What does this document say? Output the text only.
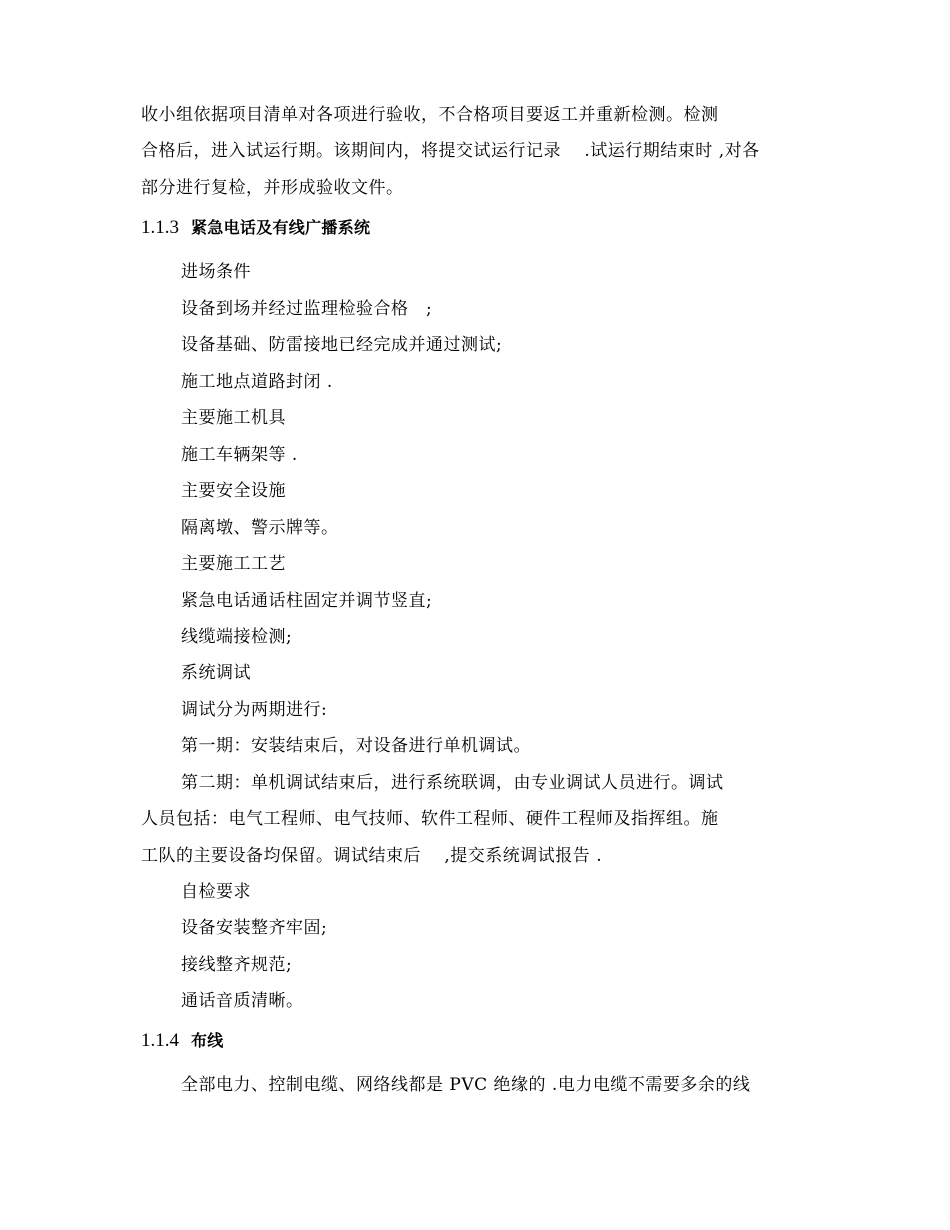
收小组依据项目清单对各项进行验收，不合格项目要返工并重新检测。检测
合格后，进入试运行期。该期间内，将提交试运行记录　 .试运行期结束时 ,对各
部分进行复检，并形成验收文件。
1.1.3 紧急电话及有线广播系统
进场条件
设备到场并经过监理检验合格　;
设备基础、防雷接地已经完成并通过测试;
施工地点道路封闭 .
主要施工机具
施工车辆架等 .
主要安全设施
隔离墩、警示牌等。
主要施工工艺
紧急电话通话柱固定并调节竖直;
线缆端接检测;
系统调试
调试分为两期进行:
第一期：安装结束后，对设备进行单机调试。
第二期：单机调试结束后，进行系统联调，由专业调试人员进行。调试
人员包括：电气工程师、电气技师、软件工程师、硬件工程师及指挥组。施
工队的主要设备均保留。调试结束后　 ,提交系统调试报告 .
自检要求
设备安装整齐牢固;
接线整齐规范;
通话音质清晰。
1.1.4 布线
全部电力、控制电缆、网络线都是 PVC 绝缘的 .电力电缆不需要多余的线
